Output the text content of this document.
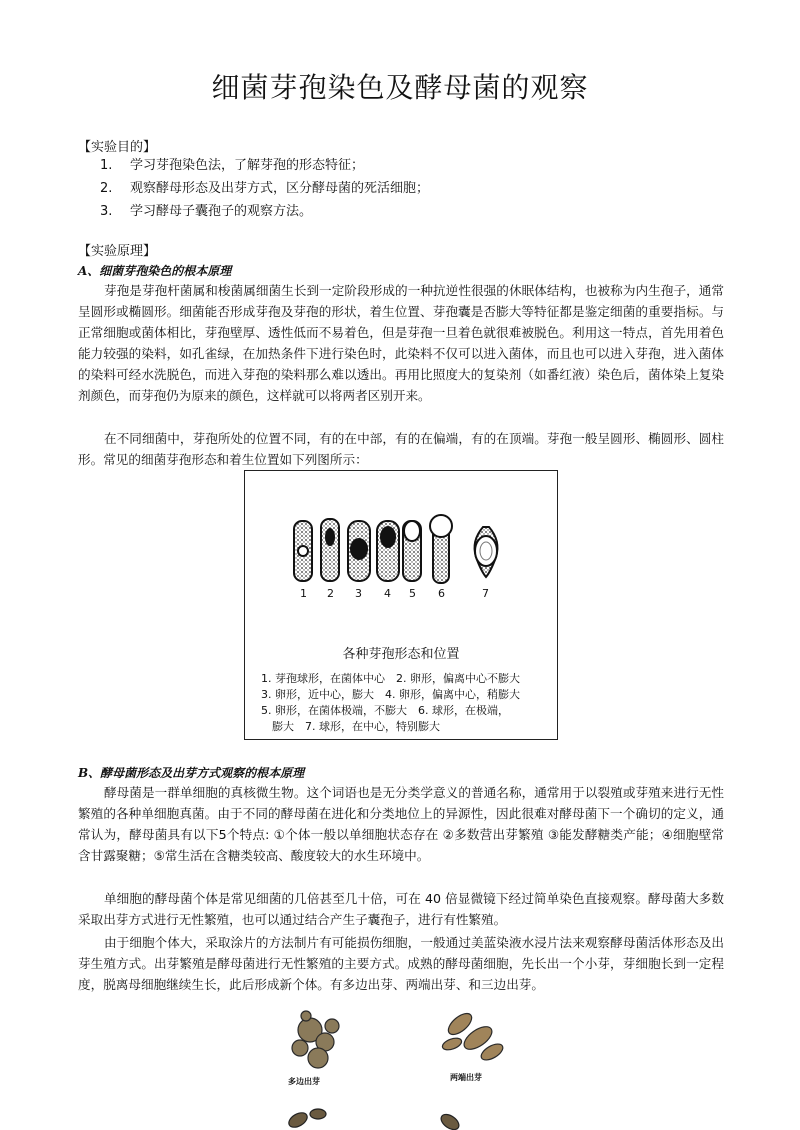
细菌芽孢染色及酵母菌的观察
【实验目的】
1. 学习芽孢染色法，了解芽孢的形态特征；
2. 观察酵母形态及出芽方式，区分酵母菌的死活细胞；
3. 学习酵母子囊孢子的观察方法。
【实验原理】
A、细菌芽孢染色的根本原理

芽孢是芽孢杆菌属和梭菌属细菌生长到一定阶段形成的一种抗逆性很强的休眠体结构，也被称为内生孢子，通常呈圆形或椭圆形。细菌能否形成芽孢及芽孢的形状，着生位置、芽孢囊是否膨大等特征都是鉴定细菌的重要指标。与正常细胞或菌体相比，芽孢壁厚、透性低而不易着色，但是芽孢一旦着色就很难被脱色。利用这一特点，首先用着色能力较强的染料，如孔雀绿，在加热条件下进行染色时，此染料不仅可以进入菌体，而且也可以进入芽孢，进入菌体的染料可经水洗脱色，而进入芽孢的染料那么难以透出。再用比照度大的复染剂（如番红液）染色后，菌体染上复染剂颜色，而芽孢仍为原来的颜色，这样就可以将两者区别开来。

在不同细菌中，芽孢所处的位置不同，有的在中部，有的在偏端，有的在顶端。芽孢一般呈圆形、椭圆形、圆柱形。常见的细菌芽孢形态和着生位置如下列图所示：

1 2 3 4 5 6	7
各种芽孢形态和位置
1. 芽孢球形，在菌体中心　2. 卵形，偏离中心不膨大
3. 卵形，近中心，膨大　4. 卵形，偏离中心，稍膨大
5. 卵形，在菌体极端，不膨大　6. 球形，在极端，
　膨大　7. 球形，在中心，特别膨大
B、酵母菌形态及出芽方式观察的根本原理

酵母菌是一群单细胞的真核微生物。这个词语也是无分类学意义的普通名称，通常用于以裂殖或芽殖来进行无性繁殖的各种单细胞真菌。由于不同的酵母菌在进化和分类地位上的异源性，因此很难对酵母菌下一个确切的定义，通常认为，酵母菌具有以下5个特点: ①个体一般以单细胞状态存在 ②多数营出芽繁殖 ③能发酵糖类产能；④细胞壁常含甘露聚糖；⑤常生活在含糖类较高、酸度较大的水生环境中。

单细胞的酵母菌个体是常见细菌的几倍甚至几十倍，可在 40 倍显微镜下经过简单染色直接观察。酵母菌大多数采取出芽方式进行无性繁殖，也可以通过结合产生子囊孢子，进行有性繁殖。

由于细胞个体大，采取涂片的方法制片有可能损伤细胞，一般通过美蓝染液水浸片法来观察酵母菌活体形态及出芽生殖方式。出芽繁殖是酵母菌进行无性繁殖的主要方式。成熟的酵母菌细胞，先长出一个小芽，芽细胞长到一定程度，脱离母细胞继续生长，此后形成新个体。有多边出芽、两端出芽、和三边出芽。

多边出芽	两端出芽
